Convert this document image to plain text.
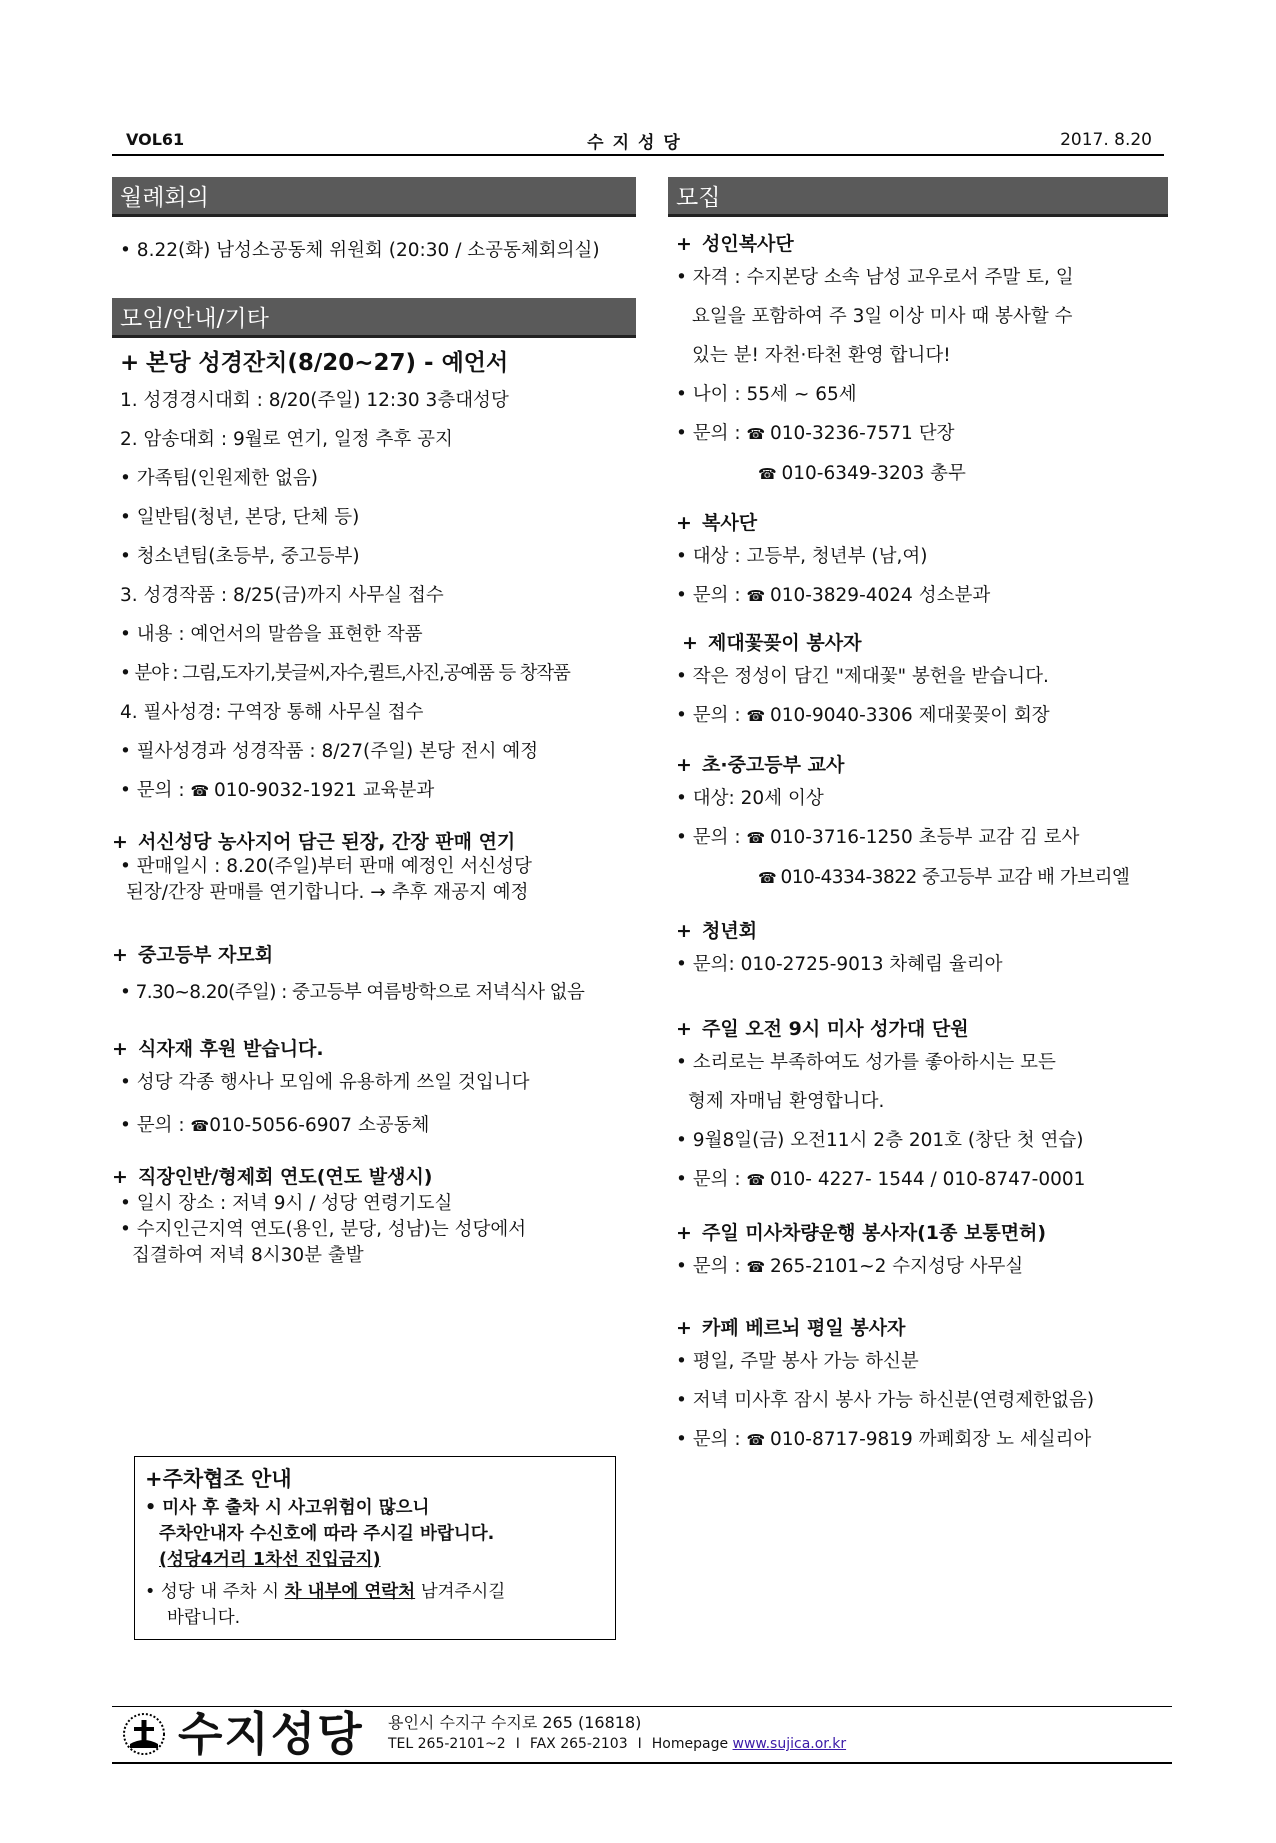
VOL61	수지성당	2017. 8.20
월례회의

• 8.22(화) 남성소공동체 위원회 (20:30 / 소공동체회의실)

모임/안내/기타

+ 본당 성경잔치(8/20~27) - 예언서

1. 성경경시대회 : 8/20(주일) 12:30 3층대성당

2. 암송대회 : 9월로 연기, 일정 추후 공지

• 가족팀(인원제한 없음)

• 일반팀(청년, 본당, 단체 등)

• 청소년팀(초등부, 중고등부)

3. 성경작품 : 8/25(금)까지 사무실 접수

• 내용 : 예언서의 말씀을 표현한 작품

• 분야 : 그림,도자기,붓글씨,자수,퀼트,사진,공예품 등 창작품

4. 필사성경: 구역장 통해 사무실 접수

• 필사성경과 성경작품 : 8/27(주일) 본당 전시 예정

• 문의 : ☎ 010-9032-1921 교육분과

+ 서신성당 농사지어 담근 된장, 간장 판매 연기

• 판매일시 : 8.20(주일)부터 판매 예정인 서신성당

된장/간장 판매를 연기합니다. → 추후 재공지 예정

+ 중고등부 자모회

• 7.30~8.20(주일) : 중고등부 여름방학으로 저녁식사 없음

+ 식자재 후원 받습니다.

• 성당 각종 행사나 모임에 유용하게 쓰일 것입니다

• 문의 : ☎010-5056-6907 소공동체

+ 직장인반/형제회 연도(연도 발생시)

• 일시 장소 : 저녁 9시 / 성당 연령기도실

• 수지인근지역 연도(용인, 분당, 성남)는 성당에서

집결하여 저녁 8시30분 출발

+주차협조 안내

• 미사 후 출차 시 사고위험이 많으니

주차안내자 수신호에 따라 주시길 바랍니다.

(성당4거리 1차선 진입금지)

• 성당 내 주차 시 차 내부에 연락처 남겨주시길

바랍니다.

모집

+ 성인복사단

• 자격 : 수지본당 소속 남성 교우로서 주말 토, 일

요일을 포함하여 주 3일 이상 미사 때 봉사할 수

있는 분! 자천·타천 환영 합니다!

• 나이 : 55세 ~ 65세

• 문의 : ☎ 010-3236-7571 단장

☎ 010-6349-3203 총무

+ 복사단

• 대상 : 고등부, 청년부 (남,여)

• 문의 : ☎ 010-3829-4024 성소분과

+ 제대꽃꽂이 봉사자

• 작은 정성이 담긴 "제대꽃" 봉헌을 받습니다.

• 문의 : ☎ 010-9040-3306 제대꽃꽂이 회장

+ 초·중고등부 교사

• 대상: 20세 이상

• 문의 : ☎ 010-3716-1250 초등부 교감 김 로사

☎ 010-4334-3822 중고등부 교감 배 가브리엘

+ 청년회

• 문의: 010-2725-9013 차혜림 율리아

+ 주일 오전 9시 미사 성가대 단원

• 소리로는 부족하여도 성가를 좋아하시는 모든

형제 자매님 환영합니다.

• 9월8일(금) 오전11시 2층 201호 (창단 첫 연습)

• 문의 : ☎ 010- 4227- 1544 / 010-8747-0001

+ 주일 미사차량운행 봉사자(1종 보통면허)

• 문의 : ☎ 265-2101~2 수지성당 사무실

+ 카페 베르뇌 평일 봉사자

• 평일, 주말 봉사 가능 하신분

• 저녁 미사후 잠시 봉사 가능 하신분(연령제한없음)

• 문의 : ☎ 010-8717-9819 까페회장 노 세실리아

수지성당 용인시 수지구 수지로 265 (16818)
TEL 265-2101~2 I FAX 265-2103 I Homepage www.sujica.or.kr
